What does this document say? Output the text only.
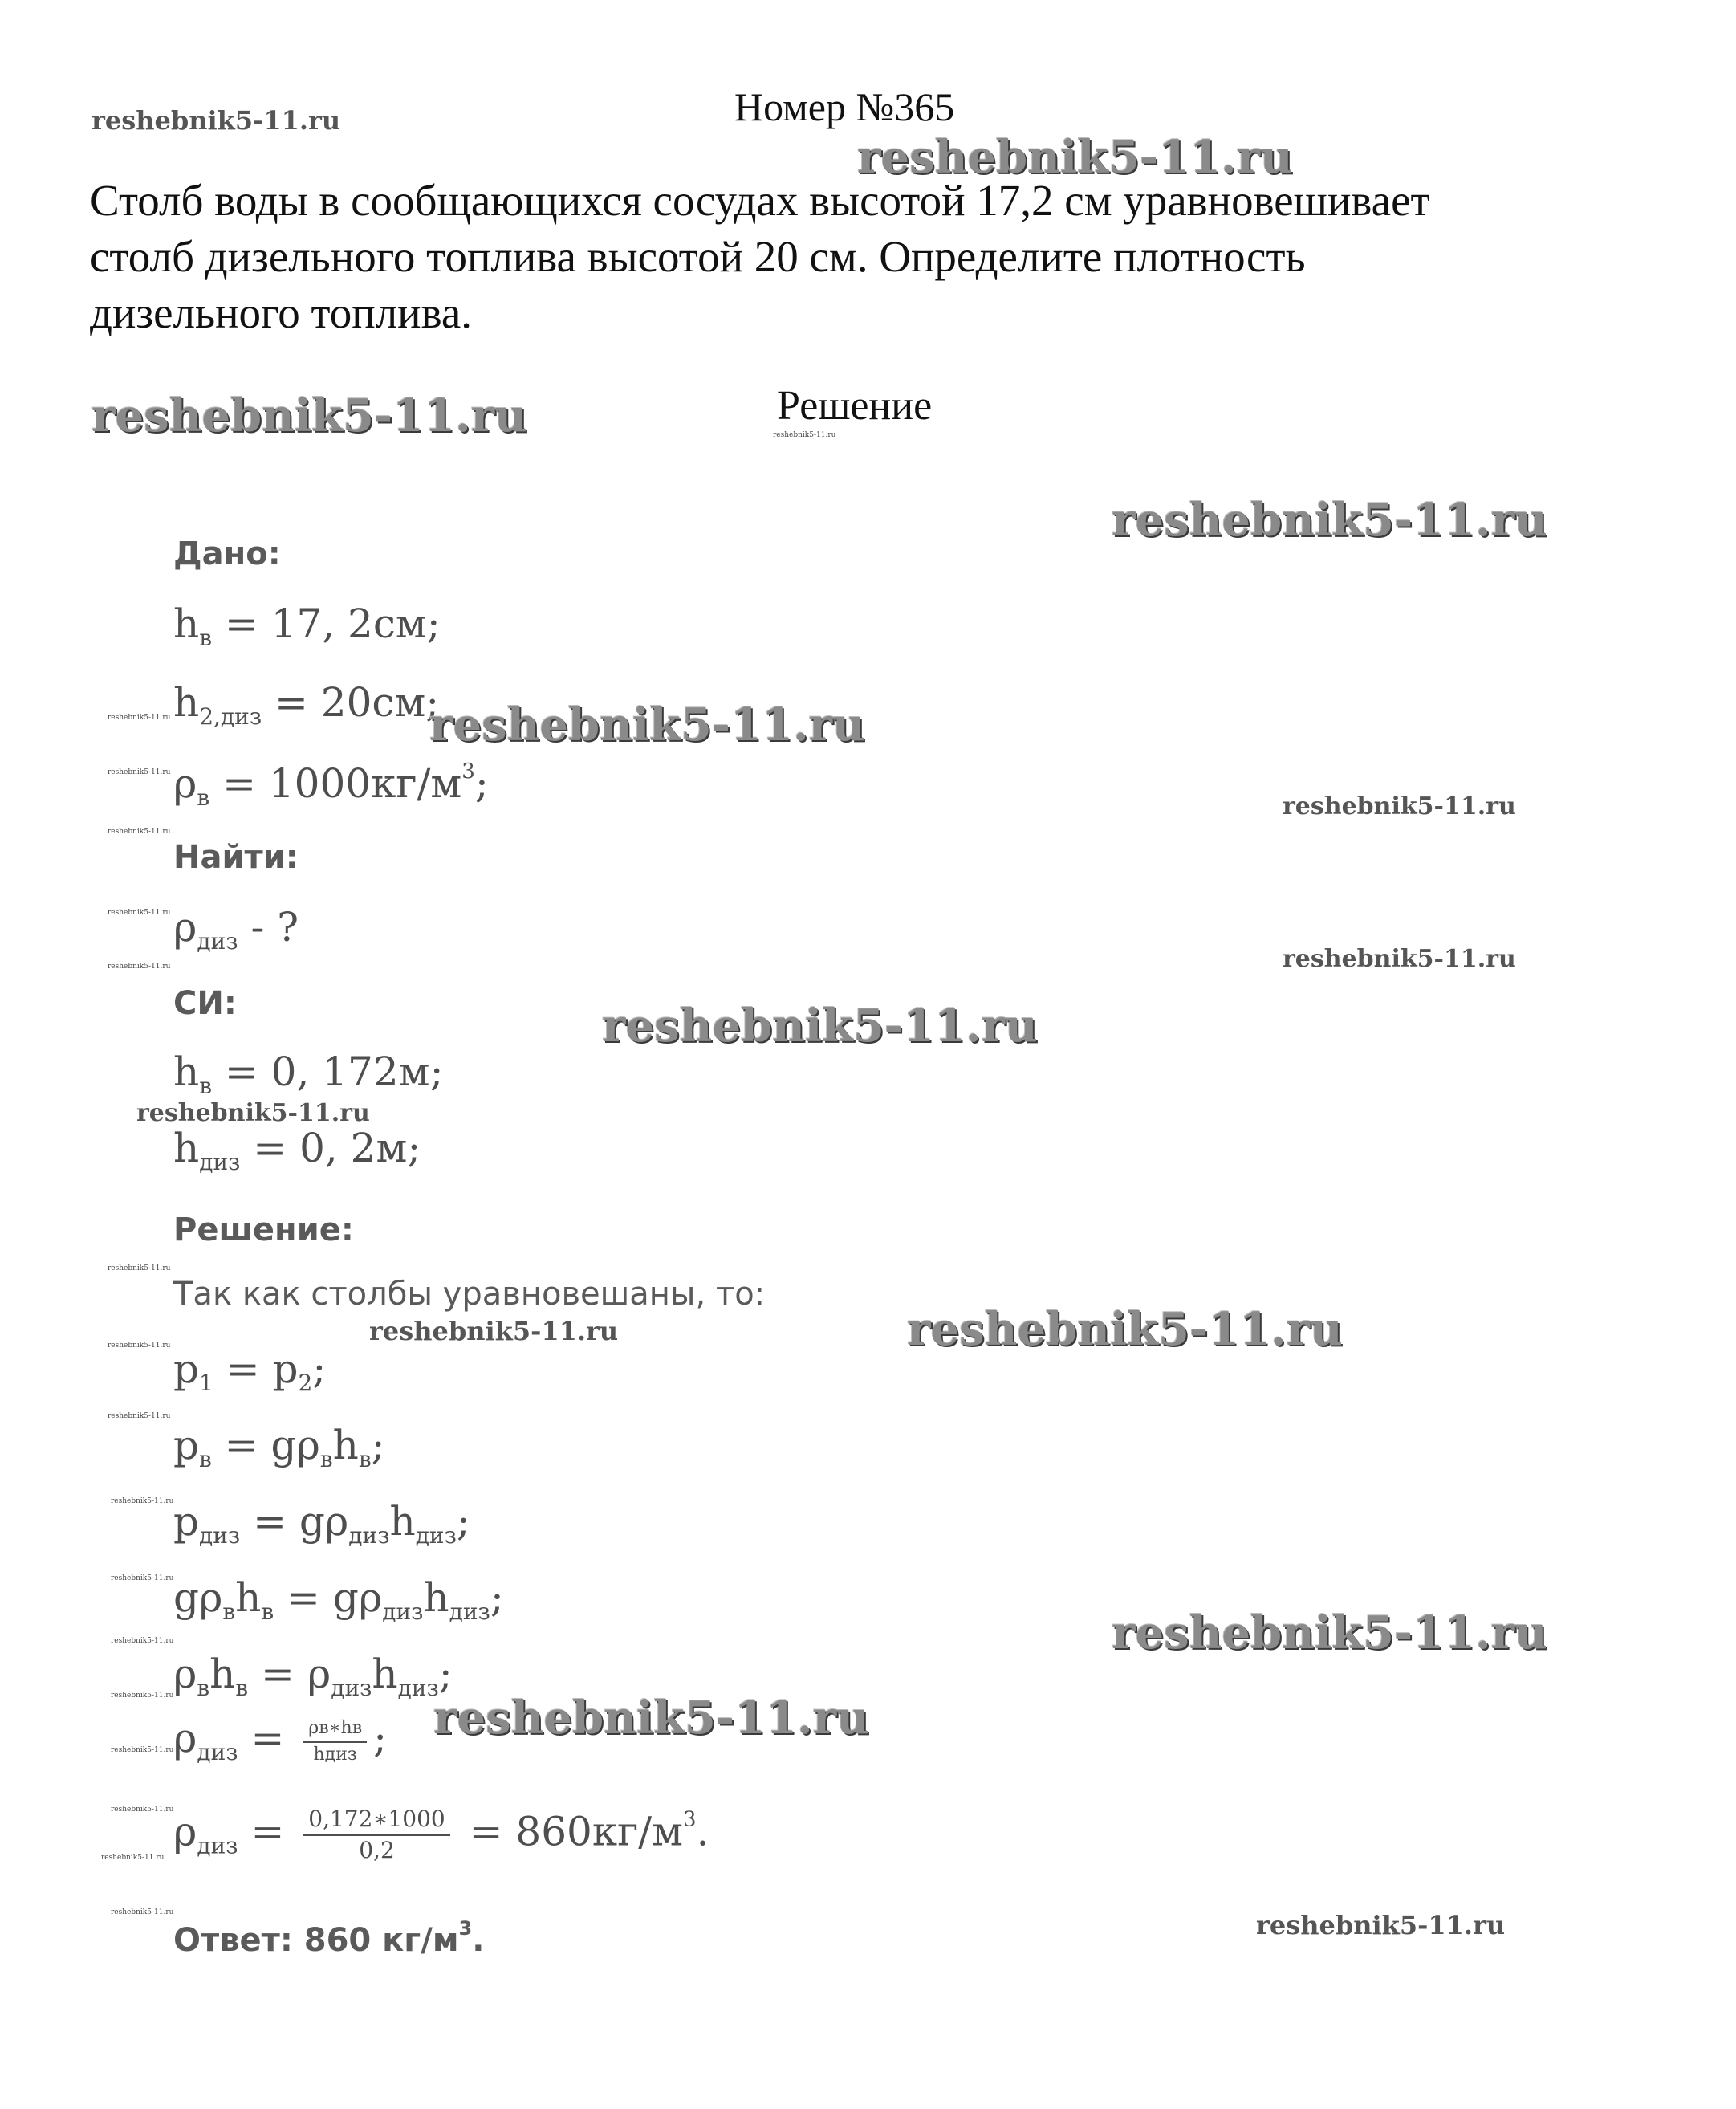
Номер №365
Столб воды в сообщающихся сосудах высотой 17,2 см уравновешивает
столб дизельного топлива высотой 20 см. Определите плотность
дизельного топлива.
Решение
Дано:
$h_в = 17$, 2см;
$h_{2,диз} = 20см$;
$\rho_в = 1000кг/м^3$;
Найти:
$\rho_{диз}$ - ?
СИ:
$h_в = 0$, 172м;
$h_{диз} = 0$, 2м;
Решение:
Так как столбы уравновешаны, то:
$p_1 = p_2$;
$p_в = g\rho_вh_в$;
$p_{диз} = g\rho_{диз}h_{диз}$;
$g\rho_вh_в = g\rho_{диз}h_{диз}$;
$\rho_вh_в = \rho_{диз}h_{диз}$;
$\rho_{диз} = \frac{\rho в∗hв}{\text{hдиз}}$ ;
$\rho_{диз} = \frac{0,172∗1000}{0,2} = 860кг/м^3$.
Ответ: 860 $кг/м^3$.
reshebnik5-11.ru
reshebnik5-11.ru
reshebnik5-11.ru	reshebnik5-11.ru
reshebnik5-11.ru
reshebnik5-11.ru	reshebnik5-11.ru
reshebnik5-11.ru
reshebnik5-11.ru
reshebnik5-11.ru
reshebnik5-11.ru
reshebnik5-11.ru	reshebnik5-11.ru
reshebnik5-11.ru
reshebnik5-11.ru
reshebnik5-11.ru
reshebnik5-11.ru	reshebnik5-11.ru
reshebnik5-11.ru
reshebnik5-11.ru
reshebnik5-11.ru
reshebnik5-11.ru
reshebnik5-11.ru	reshebnik5-11.ru
reshebnik5-11.ru	reshebnik5-11.ru
reshebnik5-11.ru
reshebnik5-11.ru
reshebnik5-11.ru
reshebnik5-11.ru	reshebnik5-11.ru
